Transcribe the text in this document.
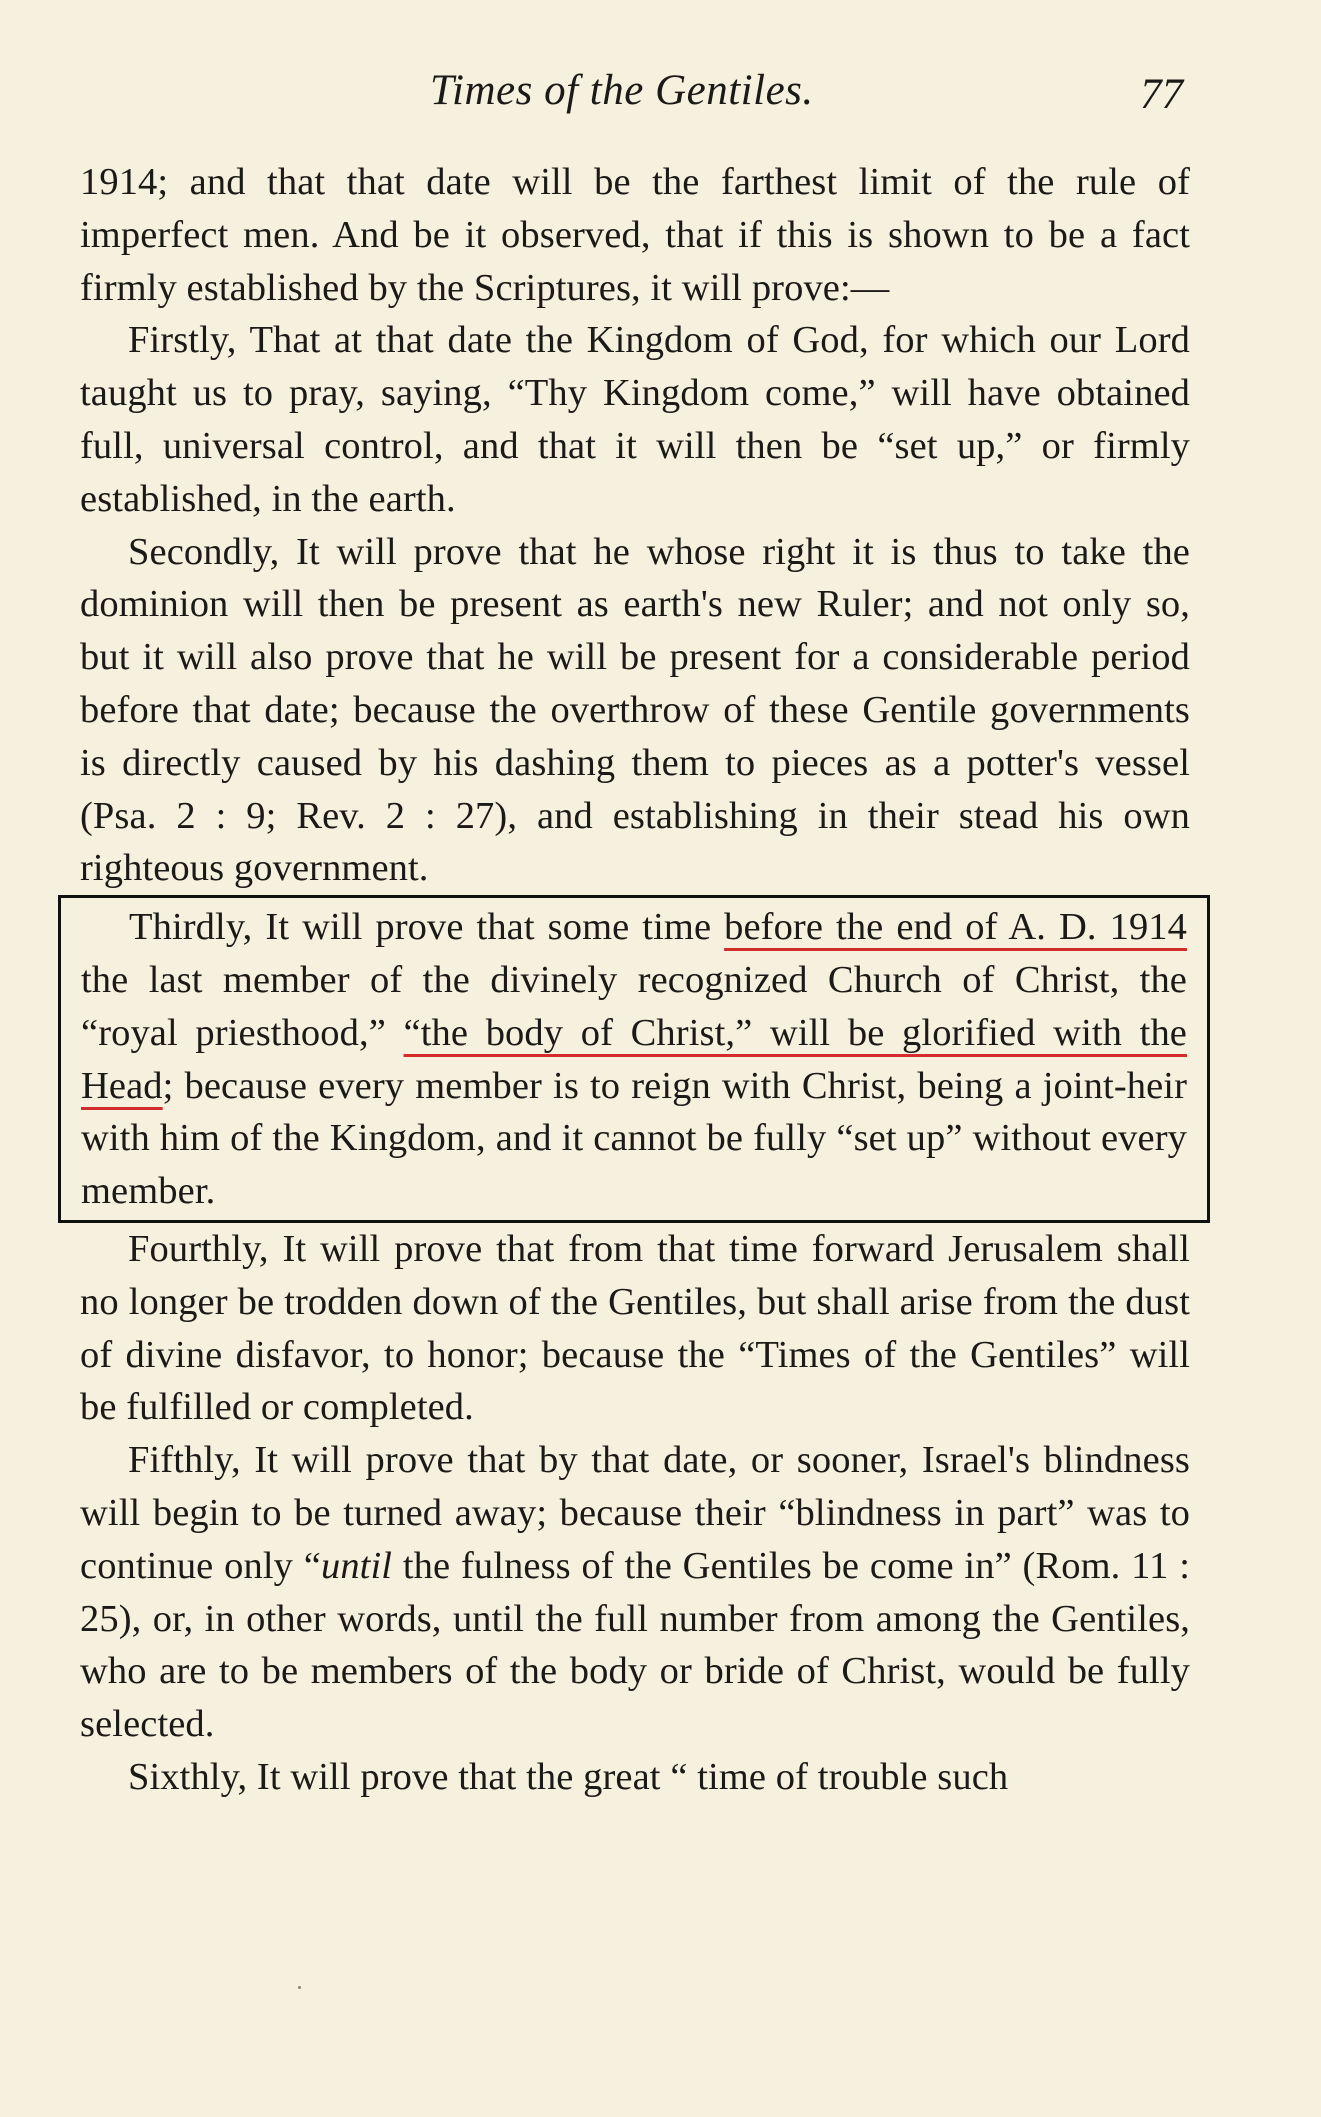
Times of the Gentiles.	77

1914; and that that date will be the farthest limit of the rule of imperfect men. And be it observed, that if this is shown to be a fact firmly established by the Scriptures, it will prove:—

Firstly, That at that date the Kingdom of God, for which our Lord taught us to pray, saying, “Thy Kingdom come,” will have obtained full, universal control, and that it will then be “set up,” or firmly established, in the earth.

Secondly, It will prove that he whose right it is thus to take the dominion will then be present as earth's new Ruler; and not only so, but it will also prove that he will be present for a considerable period before that date; because the overthrow of these Gentile governments is directly caused by his dashing them to pieces as a potter's vessel (Psa. 2 : 9; Rev. 2 : 27), and establishing in their stead his own righteous government.

Thirdly, It will prove that some time before the end of A. D. 1914 the last member of the divinely recognized Church of Christ, the “royal priesthood,” “the body of Christ,” will be glorified with the Head; because every member is to reign with Christ, being a joint-heir with him of the Kingdom, and it cannot be fully “set up” without every member.

Fourthly, It will prove that from that time forward Jerusalem shall no longer be trodden down of the Gentiles, but shall arise from the dust of divine disfavor, to honor; because the “Times of the Gentiles” will be fulfilled or completed.

Fifthly, It will prove that by that date, or sooner, Israel's blindness will begin to be turned away; because their “blindness in part” was to continue only “until the fulness of the Gentiles be come in” (Rom. 11 : 25), or, in other words, until the full number from among the Gentiles, who are to be members of the body or bride of Christ, would be fully selected.

Sixthly, It will prove that the great “ time of trouble such
